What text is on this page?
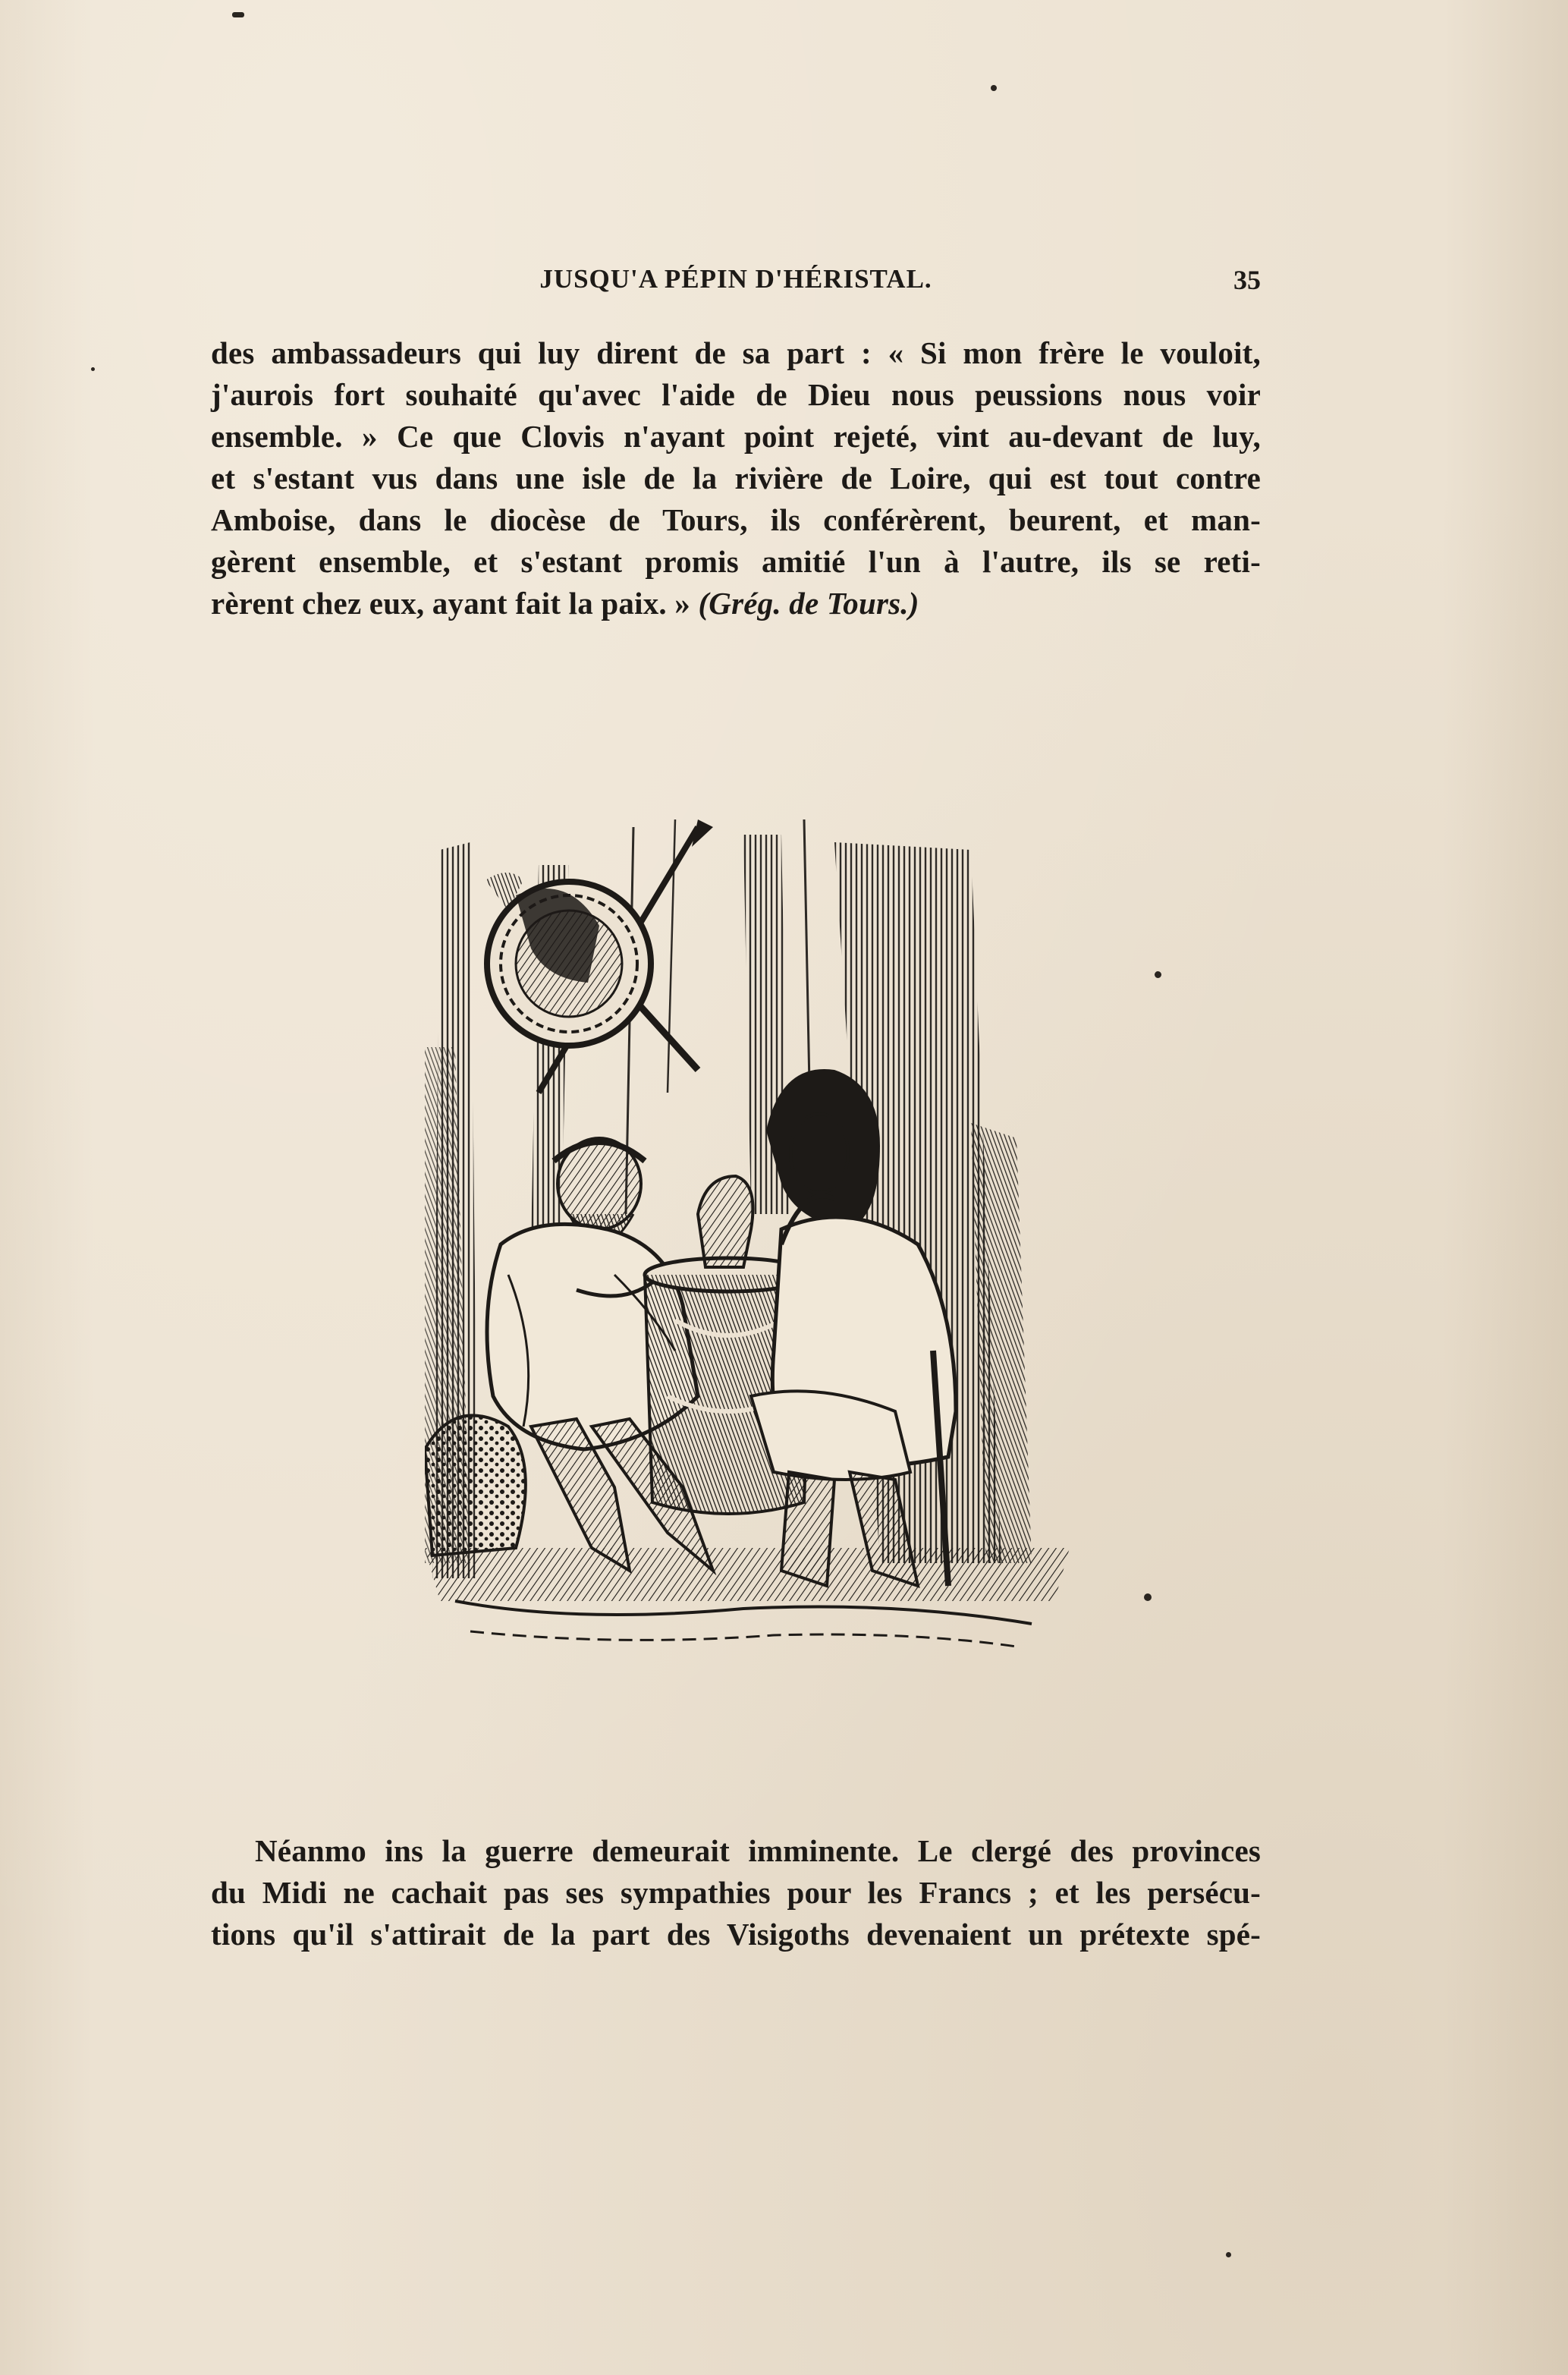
JUSQU'A PÉPIN D'HÉRISTAL.	35
des ambassadeurs qui luy dirent de sa part : « Si mon frère le vouloit,
j'aurois fort souhaité qu'avec l'aide de Dieu nous peussions nous voir
ensemble. » Ce que Clovis n'ayant point rejeté, vint au-devant de luy,
et s'estant vus dans une isle de la rivière de Loire, qui est tout contre
Amboise, dans le diocèse de Tours, ils conférèrent, beurent, et man-
gèrent ensemble, et s'estant promis amitié l'un à l'autre, ils se reti-
rèrent chez eux, ayant fait la paix. » (Grég. de Tours.)
Néanmo ins la guerre demeurait imminente. Le clergé des provinces
du Midi ne cachait pas ses sympathies pour les Francs ; et les persécu-
tions qu'il s'attirait de la part des Visigoths devenaient un prétexte spé-
